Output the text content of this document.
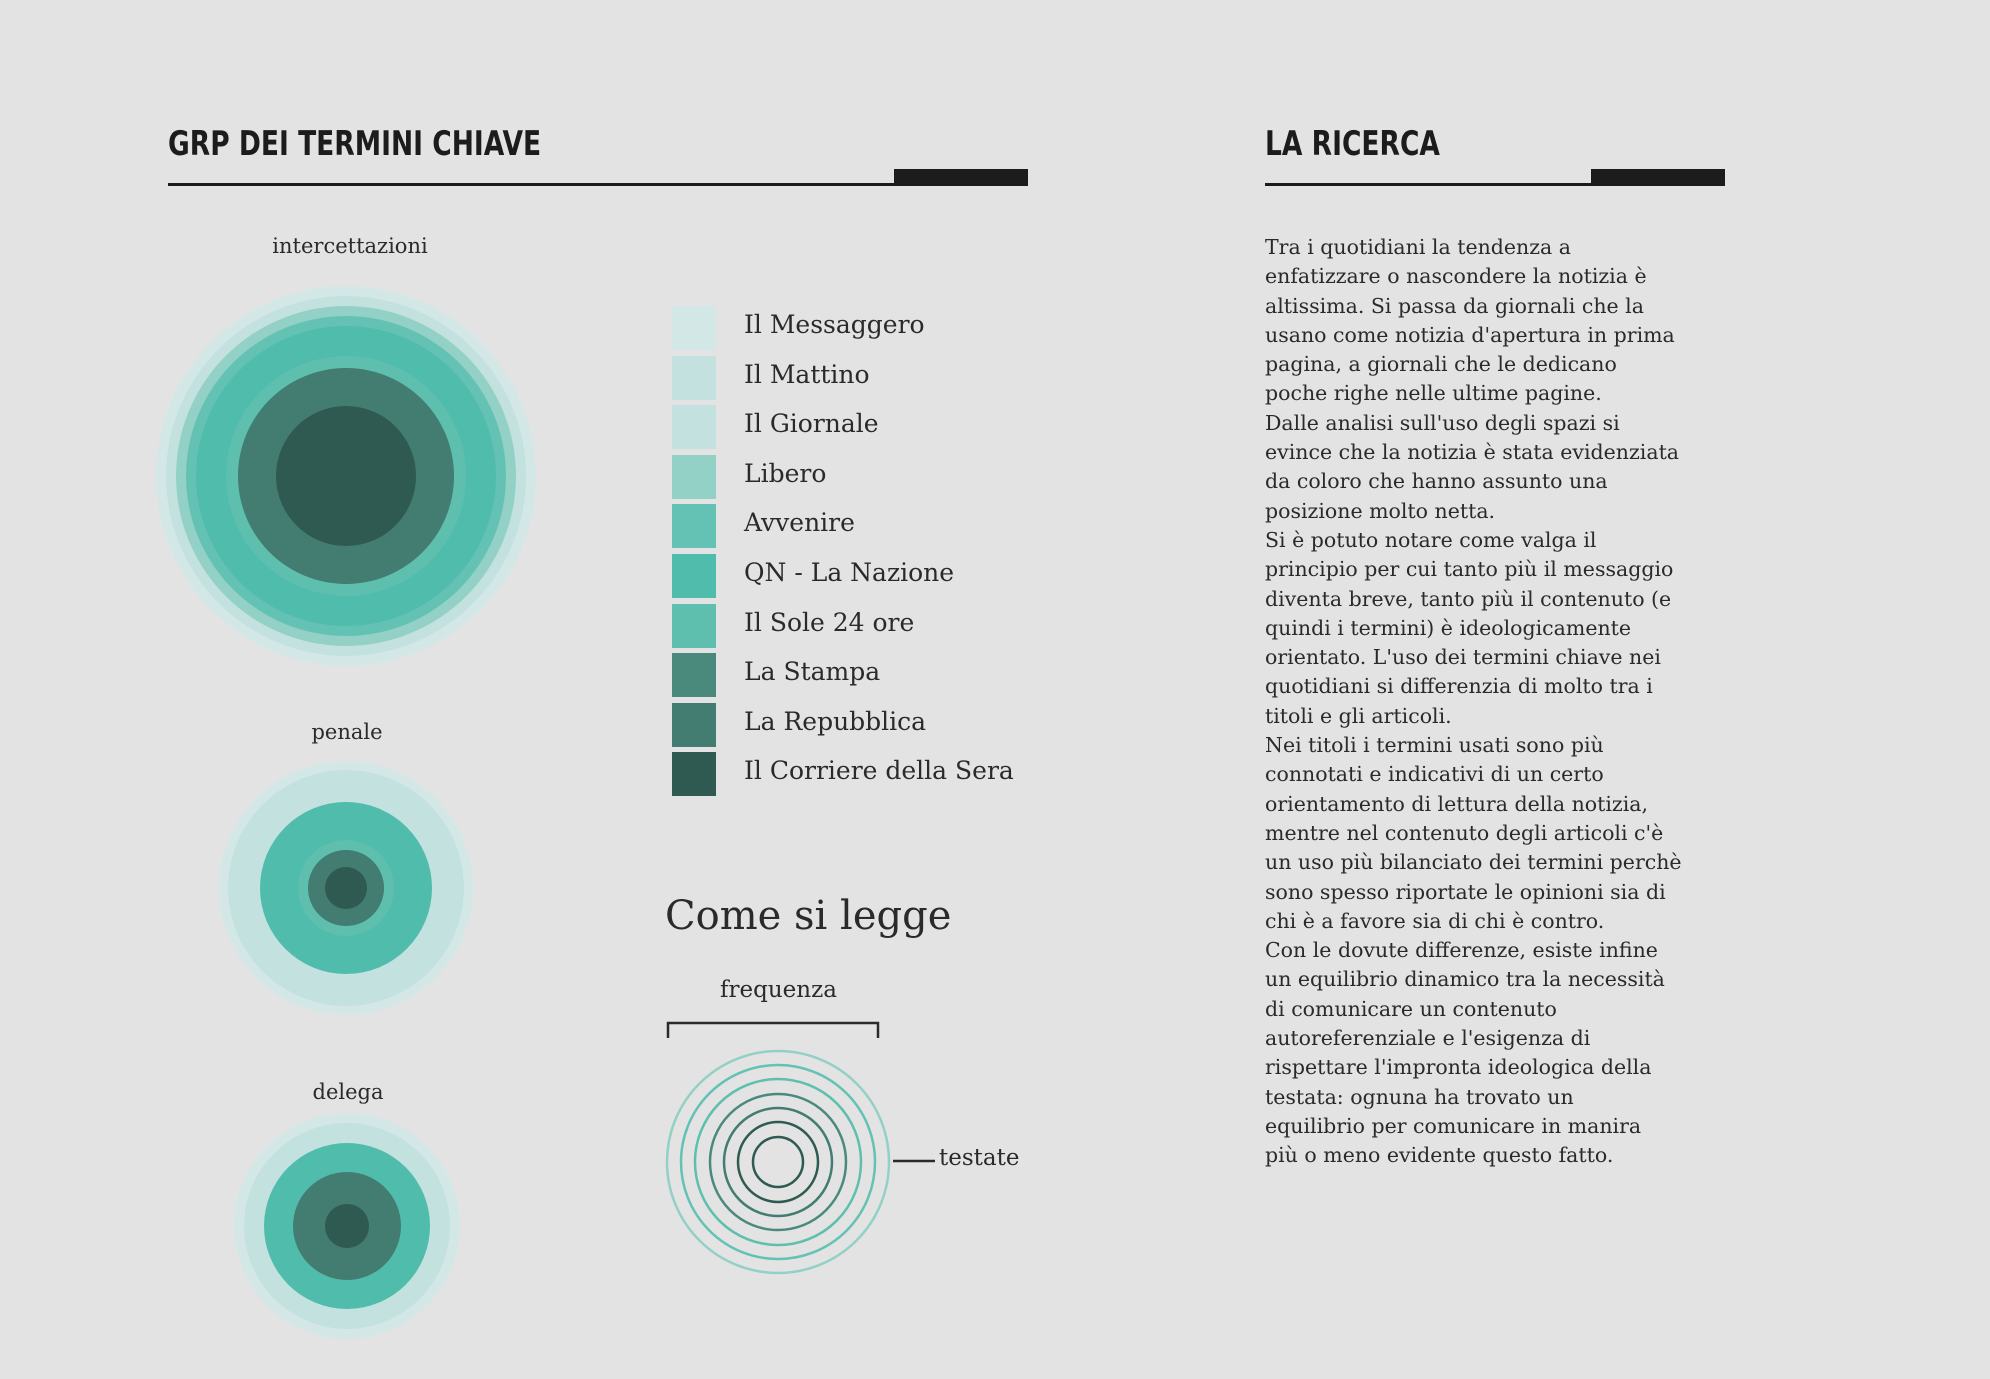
GRP DEI TERMINI CHIAVE
intercettazioni
penale
delega
Il Messaggero
Il Mattino
Il Giornale
Libero
Avvenire
QN - La Nazione
Il Sole 24 ore
La Stampa
La Repubblica
Il Corriere della Sera
Come si legge
frequenza
testate
LA RICERCA
Tra i quotidiani la tendenza a
enfatizzare o nascondere la notizia è
altissima. Si passa da giornali che la
usano come notizia d'apertura in prima
pagina, a giornali che le dedicano
poche righe nelle ultime pagine.
Dalle analisi sull'uso degli spazi si
evince che la notizia è stata evidenziata
da coloro che hanno assunto una
posizione molto netta.
Si è potuto notare come valga il
principio per cui tanto più il messaggio
diventa breve, tanto più il contenuto (e
quindi i termini) è ideologicamente
orientato. L'uso dei termini chiave nei
quotidiani si differenzia di molto tra i
titoli e gli articoli.
Nei titoli i termini usati sono più
connotati e indicativi di un certo
orientamento di lettura della notizia,
mentre nel contenuto degli articoli c'è
un uso più bilanciato dei termini perchè
sono spesso riportate le opinioni sia di
chi è a favore sia di chi è contro.
Con le dovute differenze, esiste infine
un equilibrio dinamico tra la necessità
di comunicare un contenuto
autoreferenziale e l'esigenza di
rispettare l'impronta ideologica della
testata: ognuna ha trovato un
equilibrio per comunicare in manira
più o meno evidente questo fatto.
